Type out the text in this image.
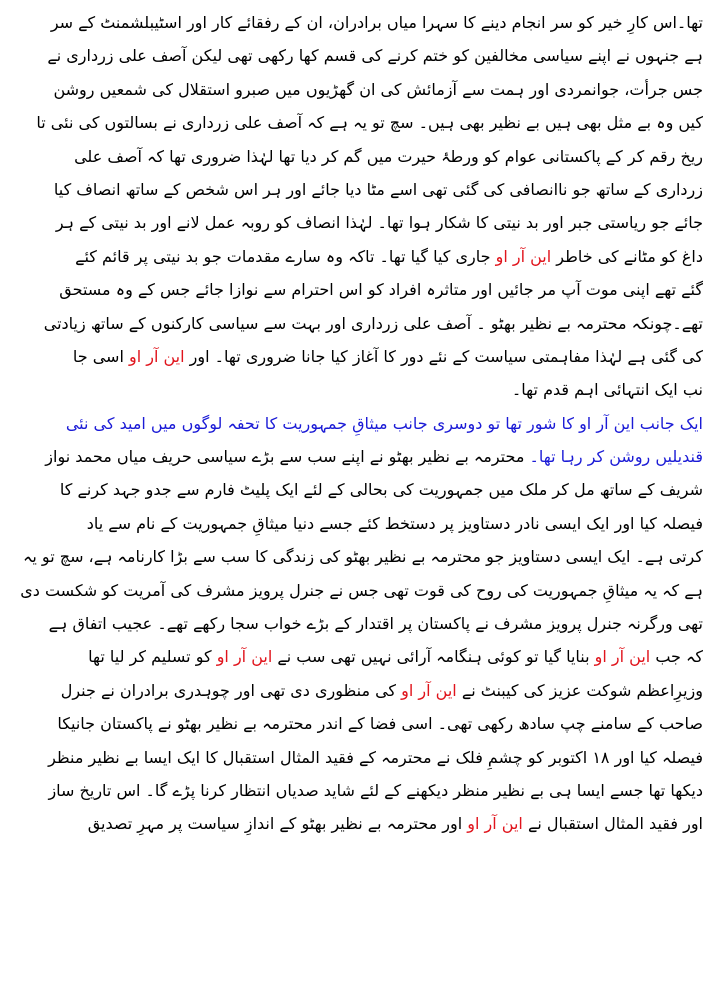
تھا۔اس کارِ خیر کو سر انجام دینے کا سہرا میاں برادران، ان کے رفقائے کار اور اسٹیبلشمنٹ کے سر
ہے جنہوں نے اپنے سیاسی مخالفین کو ختم کرنے کی قسم کھا رکھی تھی لیکن آصف علی زرداری نے
جس جرأت، جوانمردی اور ہمت سے آزمائش کی ان گھڑیوں میں صبرو استقلال کی شمعیں روشن
کیں وہ بے مثل بھی ہیں بے نظیر بھی ہیں۔ سچ تو یہ ہے کہ آصف علی زرداری نے بسالتوں کی نئی تا
ریخ رقم کر کے پاکستانی عوام کو ورطۂ حیرت میں گم کر دیا تھا لہٰذا ضروری تھا کہ آصف علی
زرداری کے ساتھ جو ناانصافی کی گئی تھی اسے مٹا دیا جائے اور ہر اس شخص کے ساتھ انصاف کیا
جائے جو ریاستی جبر اور بد نیتی کا شکار ہوا تھا۔ لہٰذا انصاف کو روبہ عمل لانے اور بد نیتی کے ہر
داغ کو مٹانے کی خاطر این آر او جاری کیا گیا تھا۔ تاکہ وہ سارے مقدمات جو بد نیتی پر قائم کئے
گئے تھے اپنی موت آپ مر جائیں اور متاثرہ افراد کو اس احترام سے نوازا جائے جس کے وہ مستحق
تھے۔چونکہ محترمہ بے نظیر بھٹو ۔ آصف علی زرداری اور بہت سے سیاسی کارکنوں کے ساتھ زیادتی
کی گئی ہے لہٰذا مفاہمتی سیاست کے نئے دور کا آغاز کیا جانا ضروری تھا۔ اور این آر او اسی جا
نب ایک انتہائی اہم قدم تھا۔
ایک جانب این آر او کا شور تھا تو دوسری جانب میثاقِ جمہوریت کا تحفہ لوگوں میں امید کی نئی
قندیلیں روشن کر رہا تھا۔ محترمہ بے نظیر بھٹو نے اپنے سب سے بڑے سیاسی حریف میاں محمد نواز
شریف کے ساتھ مل کر ملک میں جمہوریت کی بحالی کے لئے ایک پلیٹ فارم سے جدو جہد کرنے کا
فیصلہ کیا اور ایک ایسی نادر دستاویز پر دستخط کئے جسے دنیا میثاقِ جمہوریت کے نام سے یاد
کرتی ہے۔ ایک ایسی دستاویز جو محترمہ بے نظیر بھٹو کی زندگی کا سب سے بڑا کارنامہ ہے، سچ تو یہ
ہے کہ یہ میثاقِ جمہوریت کی روح کی قوت تھی جس نے جنرل پرویز مشرف کی آمریت کو شکست دی
تھی ورگرنہ جنرل پرویز مشرف نے پاکستان پر اقتدار کے بڑے خواب سجا رکھے تھے۔ عجیب اتفاق ہے
کہ جب این آر او بنایا گیا تو کوئی ہنگامہ آرائی نہیں تھی سب نے این آر او کو تسلیم کر لیا تھا
وزیرِاعظم شوکت عزیز کی کیبنٹ نے این آر او کی منظوری دی تھی اور چوہدری برادران نے جنرل
صاحب کے سامنے چپ سادھ رکھی تھی۔ اسی فضا کے اندر محترمہ بے نظیر بھٹو نے پاکستان جانیکا
فیصلہ کیا اور ۱۸ اکتوبر کو چشمِ فلک نے محترمہ کے فقید المثال استقبال کا ایک ایسا بے نظیر منظر
دیکھا تھا جسے ایسا ہی بے نظیر منظر دیکھنے کے لئے شاید صدیاں انتظار کرنا پڑے گا۔ اس تاریخ ساز
اور فقید المثال استقبال نے این آر او اور محترمہ بے نظیر بھٹو کے اندازِ سیاست پر مہرِ تصدیق
